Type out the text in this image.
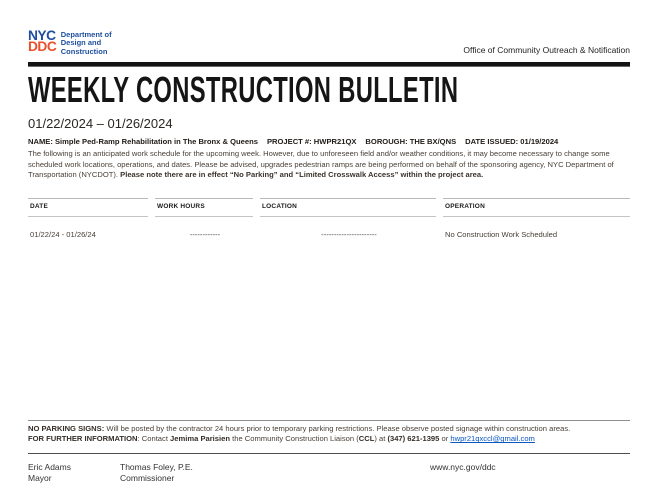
NYC
DDC
Department of
Design and
Construction	Office of Community Outreach & Notification
WEEKLY CONSTRUCTION BULLETIN
01/22/2024 – 01/26/2024
NAME: Simple Ped-Ramp Rehabilitation in The Bronx & Queens PROJECT #: HWPR21QX BOROUGH: THE BX/QNS DATE ISSUED: 01/19/2024
The following is an anticipated work schedule for the upcoming week. However, due to unforeseen field and/or weather conditions, it may become necessary to change some scheduled work locations, operations, and dates. Please be advised, upgrades pedestrian ramps are being performed on behalf of the sponsoring agency, NYC Department of Transportation (NYCDOT). Please note there are in effect “No Parking” and “Limited Crosswalk Access” within the project area.
DATE	WORK HOURS	LOCATION	OPERATION
01/22/24 - 01/26/24	------------	----------------------	No Construction Work Scheduled
NO PARKING SIGNS: Will be posted by the contractor 24 hours prior to temporary parking restrictions. Please observe posted signage within construction areas.
FOR FURTHER INFORMATION: Contact Jemima Parisien the Community Construction Liaison (CCL) at (347) 621-1395 or hwpr21qxccl@gmail.com
Eric Adams
Mayor
Thomas Foley, P.E.
Commissioner
www.nyc.gov/ddc
